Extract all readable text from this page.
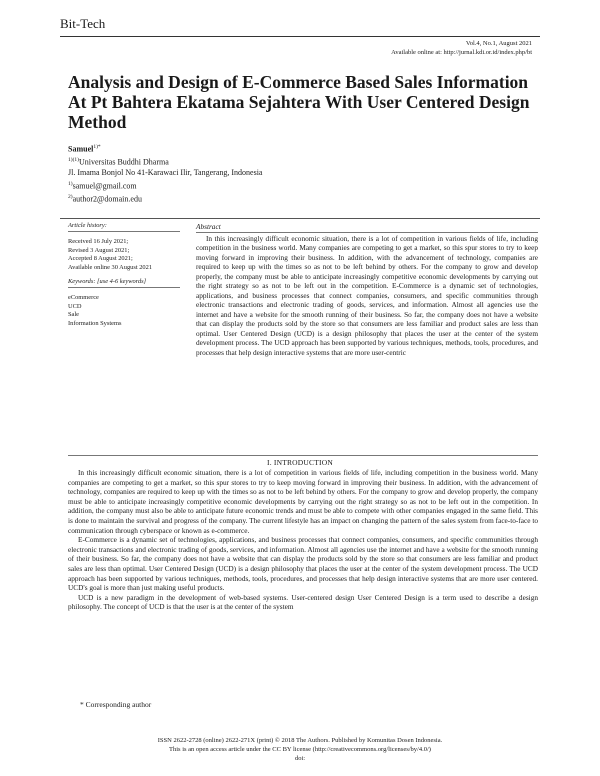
Bit-Tech
Vol.4, No.1, August 2021
Available online at: http://jurnal.kdi.or.id/index.php/bt
Analysis and Design of E-Commerce Based Sales Information At Pt Bahtera Ekatama Sejahtera With User Centered Design Method
Samuel$^{1)*}$
$^{1)(1)}$Universitas Buddhi Dharma
Jl. Imama Bonjol No 41-Karawaci Ilir, Tangerang, Indonesia
$^{1)}$samuel@gmail.com
$^{2)}$author2@domain.edu
Article history:
Received 16 July 2021;
Revised 3 August 2021;
Accepted 8 August 2021;
Available online 30 August 2021
Keywords: [use 4-6 keywords]
eCommerce
UCD
Sale
Information Systems
Abstract
In this increasingly difficult economic situation, there is a lot of competition in various fields of life, including competition in the business world. Many companies are competing to get a market, so this spur stores to try to keep moving forward in improving their business. In addition, with the advancement of technology, companies are required to keep up with the times so as not to be left behind by others. For the company to grow and develop properly, the company must be able to anticipate increasingly competitive economic developments by carrying out the right strategy so as not to be left out in the competition. E-Commerce is a dynamic set of technologies, applications, and business processes that connect companies, consumers, and specific communities through electronic transactions and electronic trading of goods, services, and information. Almost all agencies use the internet and have a website for the smooth running of their business. So far, the company does not have a website that can display the products sold by the store so that consumers are less familiar and product sales are less than optimal. User Centered Design (UCD) is a design philosophy that places the user at the center of the system development process. The UCD approach has been supported by various techniques, methods, tools, procedures, and processes that help design interactive systems that are more user-centric
I. INTRODUCTION

In this increasingly difficult economic situation, there is a lot of competition in various fields of life, including competition in the business world. Many companies are competing to get a market, so this spur stores to try to keep moving forward in improving their business. In addition, with the advancement of technology, companies are required to keep up with the times so as not to be left behind by others. For the company to grow and develop properly, the company must be able to anticipate increasingly competitive economic developments by carrying out the right strategy so as not to be left out in the competition. In addition, the company must also be able to anticipate future economic trends and must be able to compete with other companies engaged in the same field. This is done to maintain the survival and progress of the company. The current lifestyle has an impact on changing the pattern of the sales system from face-to-face to communication through cyberspace or known as e-commerce.

E-Commerce is a dynamic set of technologies, applications, and business processes that connect companies, consumers, and specific communities through electronic transactions and electronic trading of goods, services, and information. Almost all agencies use the internet and have a website for the smooth running of their business. So far, the company does not have a website that can display the products sold by the store so that consumers are less familiar and product sales are less than optimal. User Centered Design (UCD) is a design philosophy that places the user at the center of the system development process. The UCD approach has been supported by various techniques, methods, tools, procedures, and processes that help design interactive systems that are more user centered. UCD's goal is more than just making useful products.

UCD is a new paradigm in the development of web-based systems. User-centered design User Centered Design is a term used to describe a design philosophy. The concept of UCD is that the user is at the center of the system

* Corresponding author
ISSN 2622-2728 (online) 2622-271X (print) © 2018 The Authors. Published by Komunitas Dosen Indonesia.
This is an open access article under the CC BY license (http://creativecommons.org/licenses/by/4.0/)
doi:
